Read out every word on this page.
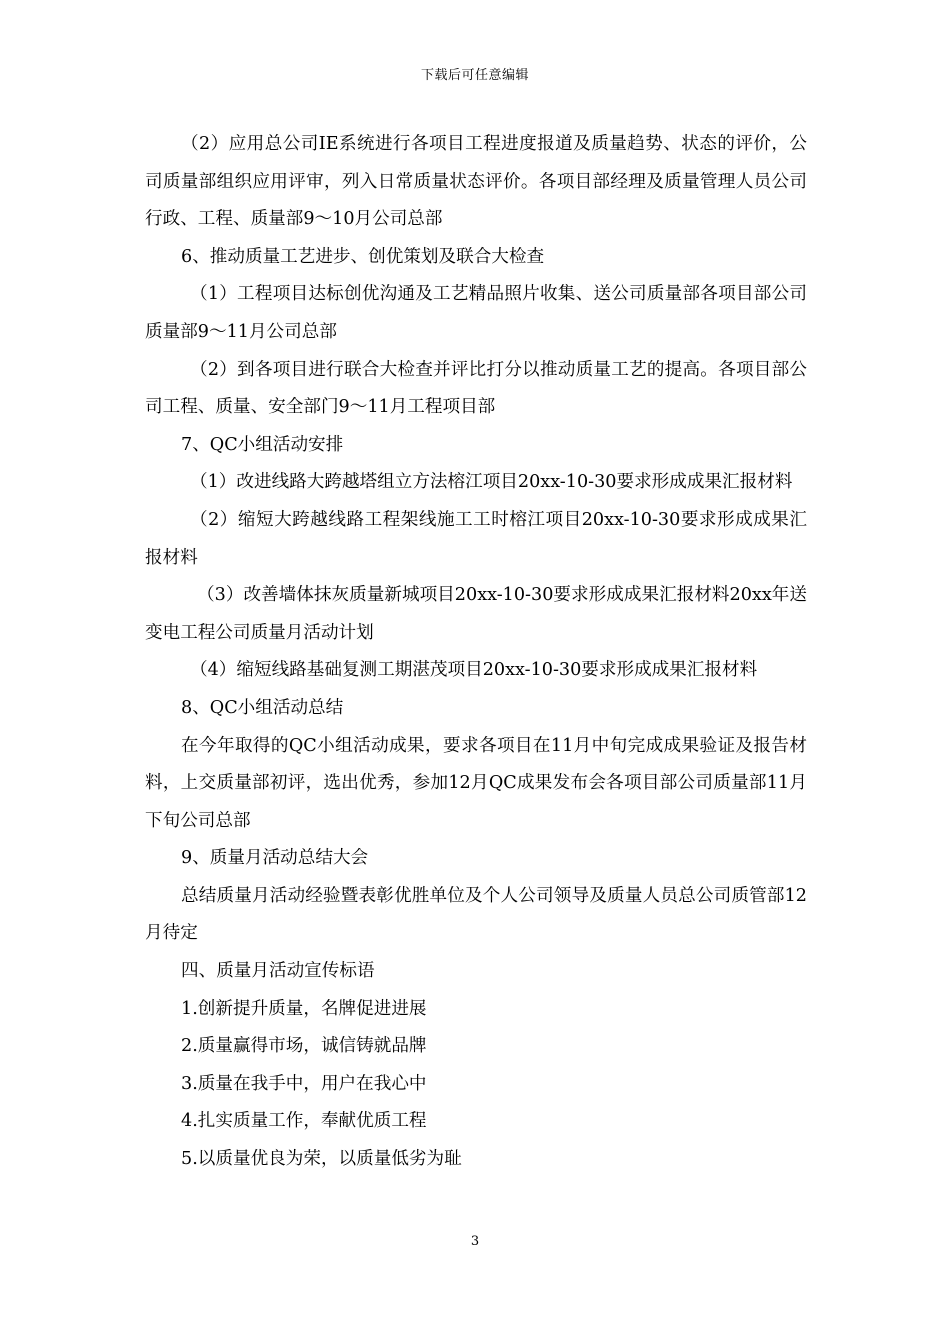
下载后可任意编辑

（2）应用总公司IE系统进行各项目工程进度报道及质量趋势、状态的评价，公司质量部组织应用评审，列入日常质量状态评价。各项目部经理及质量管理人员公司行政、工程、质量部9～10月公司总部

6、推动质量工艺进步、创优策划及联合大检查

（1）工程项目达标创优沟通及工艺精品照片收集、送公司质量部各项目部公司质量部9～11月公司总部

（2）到各项目进行联合大检查并评比打分以推动质量工艺的提高。各项目部公司工程、质量、安全部门9～11月工程项目部

7、QC小组活动安排

（1）改进线路大跨越塔组立方法榕江项目20xx-10-30要求形成成果汇报材料

（2）缩短大跨越线路工程架线施工工时榕江项目20xx-10-30要求形成成果汇报材料

（3）改善墙体抹灰质量新城项目20xx-10-30要求形成成果汇报材料20xx年送变电工程公司质量月活动计划

（4）缩短线路基础复测工期湛茂项目20xx-10-30要求形成成果汇报材料

8、QC小组活动总结

在今年取得的QC小组活动成果，要求各项目在11月中旬完成成果验证及报告材料，上交质量部初评，选出优秀，参加12月QC成果发布会各项目部公司质量部11月下旬公司总部

9、质量月活动总结大会

总结质量月活动经验暨表彰优胜单位及个人公司领导及质量人员总公司质管部12月待定

四、质量月活动宣传标语

1.创新提升质量，名牌促进进展

2.质量赢得市场，诚信铸就品牌

3.质量在我手中，用户在我心中

4.扎实质量工作，奉献优质工程

5.以质量优良为荣，以质量低劣为耻

3
